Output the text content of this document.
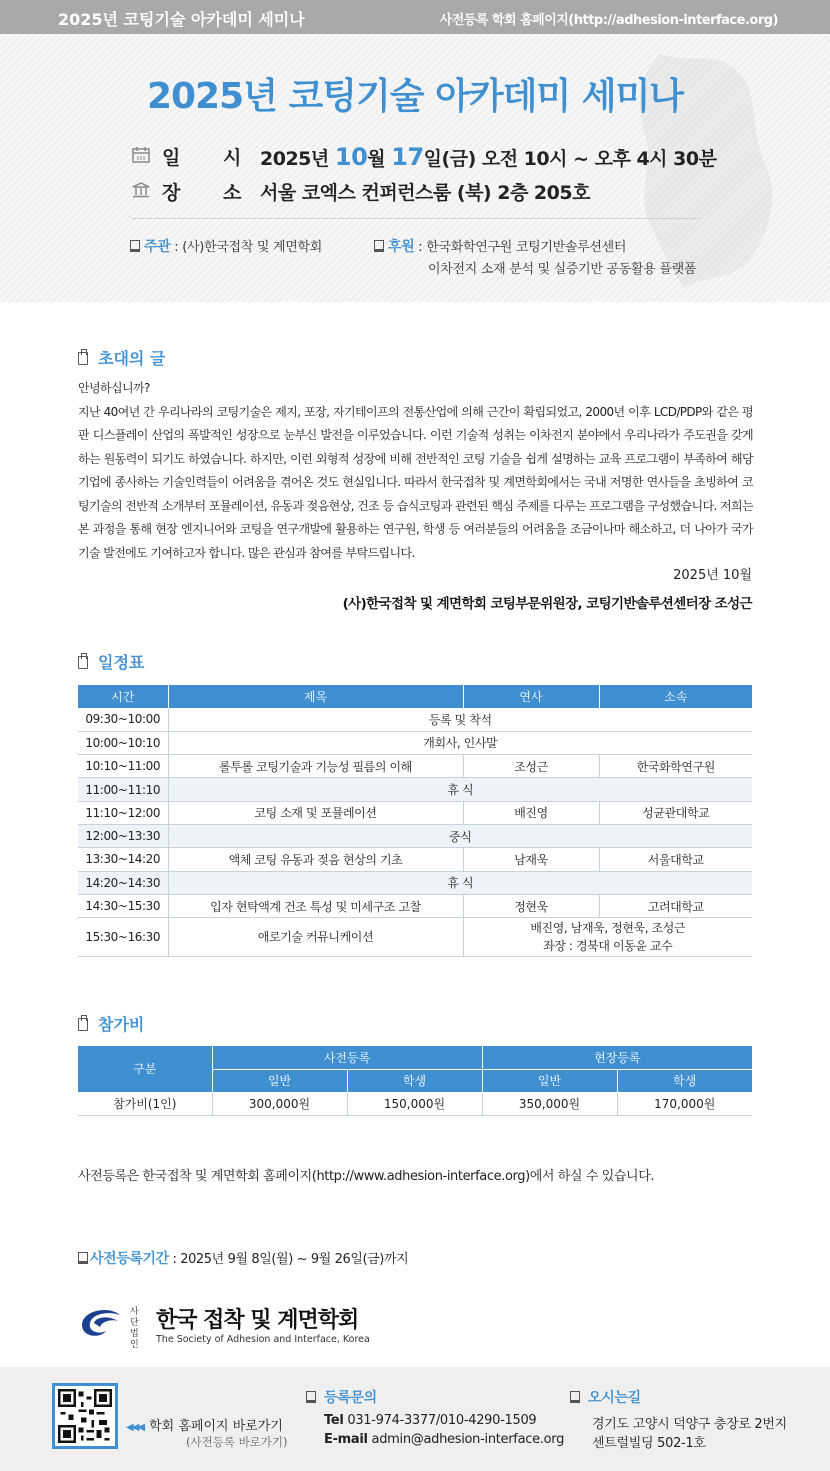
2025년 코팅기술 아카데미 세미나	사전등록 학회 홈페이지(http://adhesion-interface.org)
2025년 코팅기술 아카데미 세미나
일 시 2025년 10월 17일(금) 오전 10시 ~ 오후 4시 30분
장 소 서울 코엑스 컨퍼런스룸 (북) 2층 205호
주관 : (사)한국접착 및 계면학회	후원 : 한국화학연구원 코팅기반솔루션센터
이차전지 소재 분석 및 실증기반 공동활용 플랫폼
초대의 글

안녕하십니까?

지난 40여년 간 우리나라의 코팅기술은 제지, 포장, 자기테이프의 전통산업에 의해 근간이 확립되었고, 2000년 이후 LCD/PDP와 같은 평판 디스플레이 산업의 폭발적인 성장으로 눈부신 발전을 이루었습니다. 이런 기술적 성취는 이차전지 분야에서 우리나라가 주도권을 갖게 하는 원동력이 되기도 하였습니다. 하지만, 이런 외형적 성장에 비해 전반적인 코팅 기술을 쉽게 설명하는 교육 프로그램이 부족하여 해당 기업에 종사하는 기술인력들이 어려움을 겪어온 것도 현실입니다. 따라서 한국접착 및 계면학회에서는 국내 저명한 연사들을 초빙하여 코팅기술의 전반적 소개부터 포뮬레이션, 유동과 젖음현상, 건조 등 습식코팅과 관련된 핵심 주제를 다루는 프로그램을 구성했습니다. 저희는 본 과정을 통해 현장 엔지니어와 코팅을 연구개발에 활용하는 연구원, 학생 등 여러분들의 어려움을 조금이나마 해소하고, 더 나아가 국가 기술 발전에도 기여하고자 합니다. 많은 관심과 참여를 부탁드립니다.

2025년 10월
(사)한국접착 및 계면학회 코팅부문위원장, 코팅기반솔루션센터장 조성근
일정표
시간	제목	연사	소속
09:30~10:00	등록 및 착석		
10:00~10:10	개회사, 인사말		
10:10~11:00	롤투롤 코팅기술과 기능성 필름의 이해	조성근	한국화학연구원
11:00~11:10	휴 식		
11:10~12:00	코팅 소재 및 포뮬레이션	배진영	성균관대학교
12:00~13:30	중식		
13:30~14:20	액체 코팅 유동과 젖음 현상의 기초	남재욱	서울대학교
14:20~14:30	휴 식		
14:30~15:30	입자 현탁액계 건조 특성 및 미세구조 고찰	정현욱	고려대학교
15:30~16:30	애로기술 커뮤니케이션	배진영, 남재욱, 정현욱, 조성근
좌장 : 경북대 이동윤 교수	
참가비
구분	사전등록		현장등록	
	일반	학생	일반	학생
참가비(1인)	300,000원	150,000원	350,000원	170,000원
사전등록은 한국접착 및 계면학회 홈페이지(http://www.adhesion-interface.org)에서 하실 수 있습니다.
사전등록기간 : 2025년 9월 8일(월) ~ 9월 26일(금)까지
사단
법인
한국 접착 및 계면학회
The Society of Adhesion and Interface, Korea
◀◀◀ 학회 홈페이지 바로가기
(사전등록 바로가기)
등록문의
Tel 031-974-3377/010-4290-1509
E-mail admin@adhesion-interface.org
오시는길
경기도 고양시 덕양구 충장로 2번지
센트럴빌딩 502-1호
